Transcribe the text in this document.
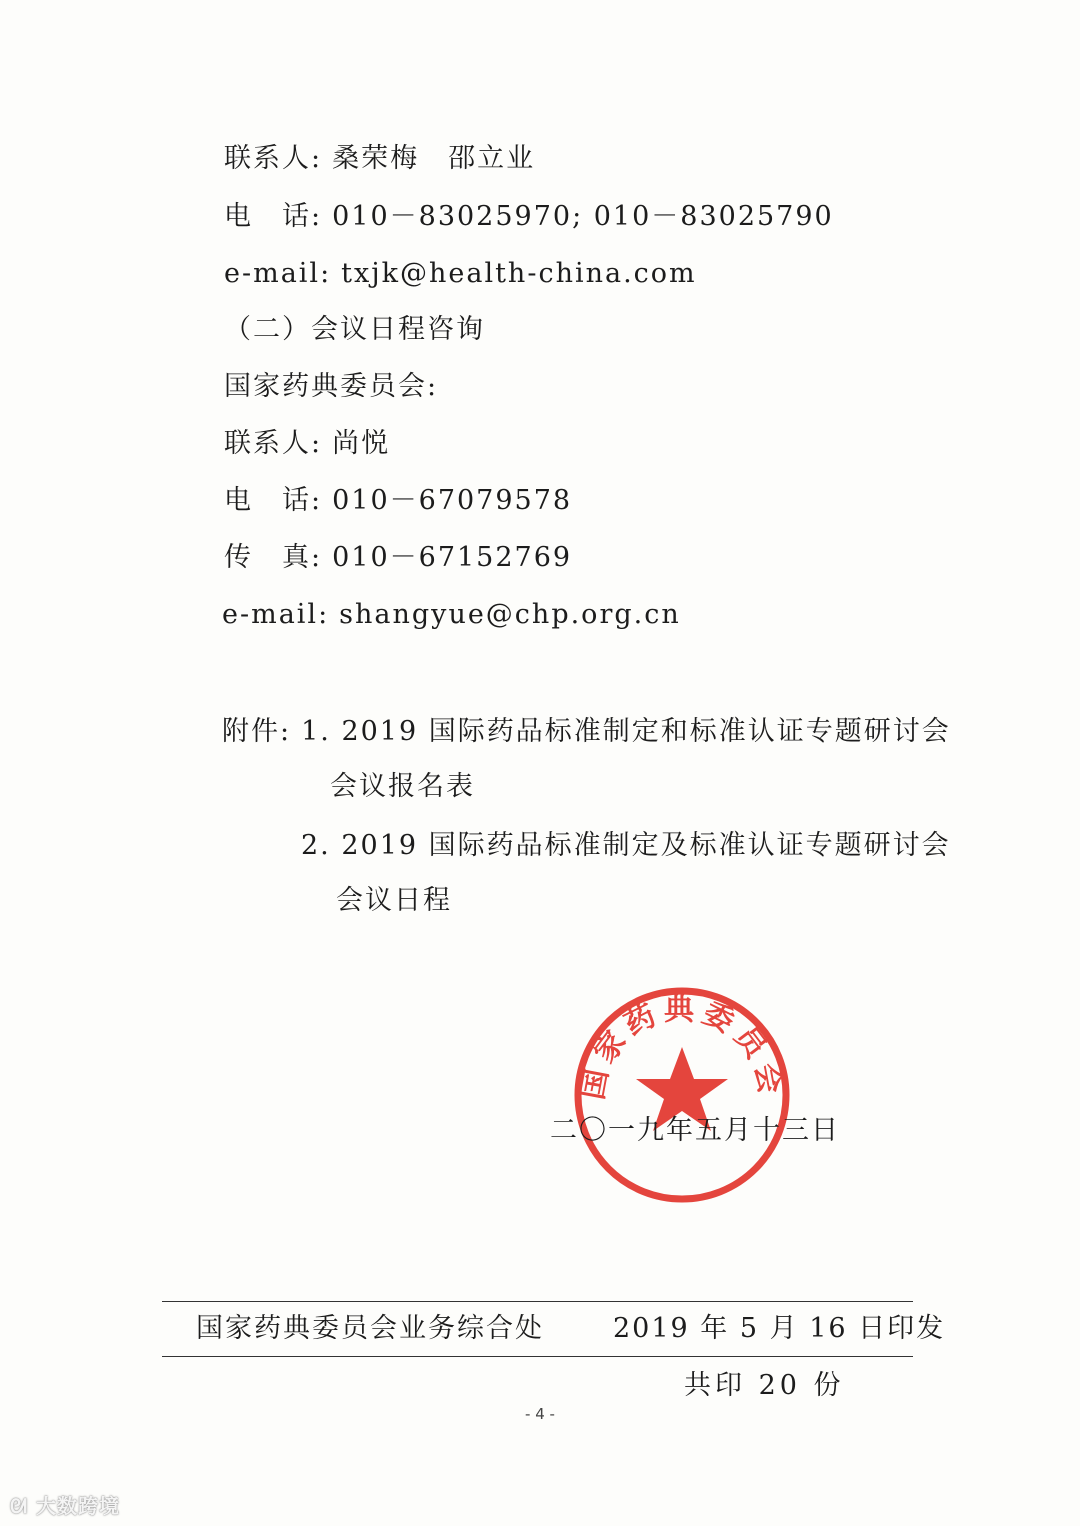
联系人: 桑荣梅　邵立业
电　话: 010－83025970; 010－83025790
e-mail: txjk@health-china.com
（二）会议日程咨询
国家药典委员会:
联系人: 尚悦
电　话: 010－67079578
传　真: 010－67152769
e-mail: shangyue@chp.org.cn
附件: 1. 2019 国际药品标准制定和标准认证专题研讨会
会议报名表
2. 2019 国际药品标准制定及标准认证专题研讨会
会议日程
国家药典委员会
二〇一九年五月十三日
国家药典委员会业务综合处	2019 年 5 月 16 日印发
共印 20 份
- 4 -
ᘛ 大数跨境
